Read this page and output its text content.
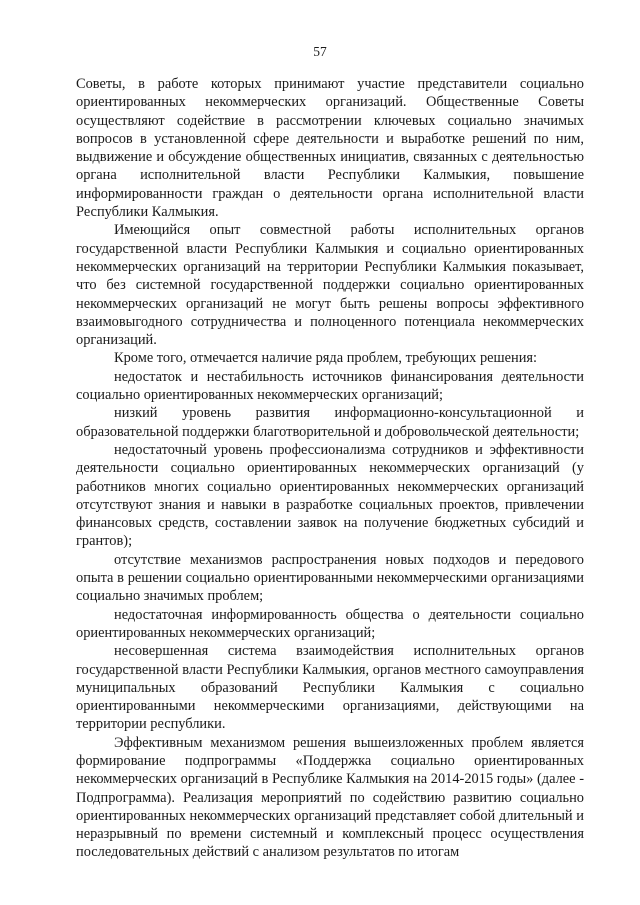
57

Советы, в работе которых принимают участие представители социально ориентированных некоммерческих организаций. Общественные Советы осуществляют содействие в рассмотрении ключевых социально значимых вопросов в установленной сфере деятельности и выработке решений по ним, выдвижение и обсуждение общественных инициатив, связанных с деятельностью органа исполнительной власти Республики Калмыкия, повышение информированности граждан о деятельности органа исполнительной власти Республики Калмыкия.

Имеющийся опыт совместной работы исполнительных органов государственной власти Республики Калмыкия и социально ориентированных некоммерческих организаций на территории Республики Калмыкия показывает, что без системной государственной поддержки социально ориентированных некоммерческих организаций не могут быть решены вопросы эффективного взаимовыгодного сотрудничества и полноценного потенциала некоммерческих организаций.

Кроме того, отмечается наличие ряда проблем, требующих решения:

недостаток и нестабильность источников финансирования деятельности социально ориентированных некоммерческих организаций;

низкий уровень развития информационно-консультационной и образовательной поддержки благотворительной и добровольческой деятельности;

недостаточный уровень профессионализма сотрудников и эффективности деятельности социально ориентированных некоммерческих организаций (у работников многих социально ориентированных некоммерческих организаций отсутствуют знания и навыки в разработке социальных проектов, привлечении финансовых средств, составлении заявок на получение бюджетных субсидий и грантов);

отсутствие механизмов распространения новых подходов и передового опыта в решении социально ориентированными некоммерческими организациями социально значимых проблем;

недостаточная информированность общества о деятельности социально ориентированных некоммерческих организаций;

несовершенная система взаимодействия исполнительных органов государственной власти Республики Калмыкия, органов местного самоуправления муниципальных образований Республики Калмыкия с социально ориентированными некоммерческими организациями, действующими на территории республики.

Эффективным механизмом решения вышеизложенных проблем является формирование подпрограммы «Поддержка социально ориентированных некоммерческих организаций в Республике Калмыкия на 2014-2015 годы» (далее - Подпрограмма). Реализация мероприятий по содействию развитию социально ориентированных некоммерческих организаций представляет собой длительный и неразрывный по времени системный и комплексный процесс осуществления последовательных действий с анализом результатов по итогам
